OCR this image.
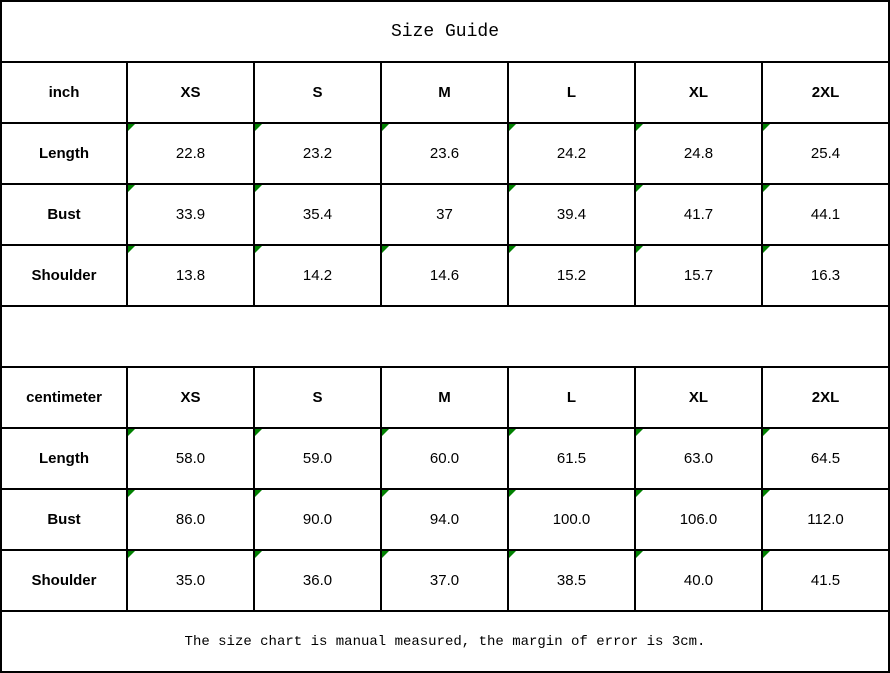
Size Guide						
inch	XS	S	M	L	XL	2XL
Length	22.8	23.2	23.6	24.2	24.8	25.4
Bust	33.9	35.4	37	39.4	41.7	44.1
Shoulder	13.8	14.2	14.6	15.2	15.7	16.3

centimeter	XS	S	M	L	XL	2XL
Length	58.0	59.0	60.0	61.5	63.0	64.5
Bust	86.0	90.0	94.0	100.0	106.0	112.0
Shoulder	35.0	36.0	37.0	38.5	40.0	41.5
The size chart is manual measured, the margin of error is 3cm.						
